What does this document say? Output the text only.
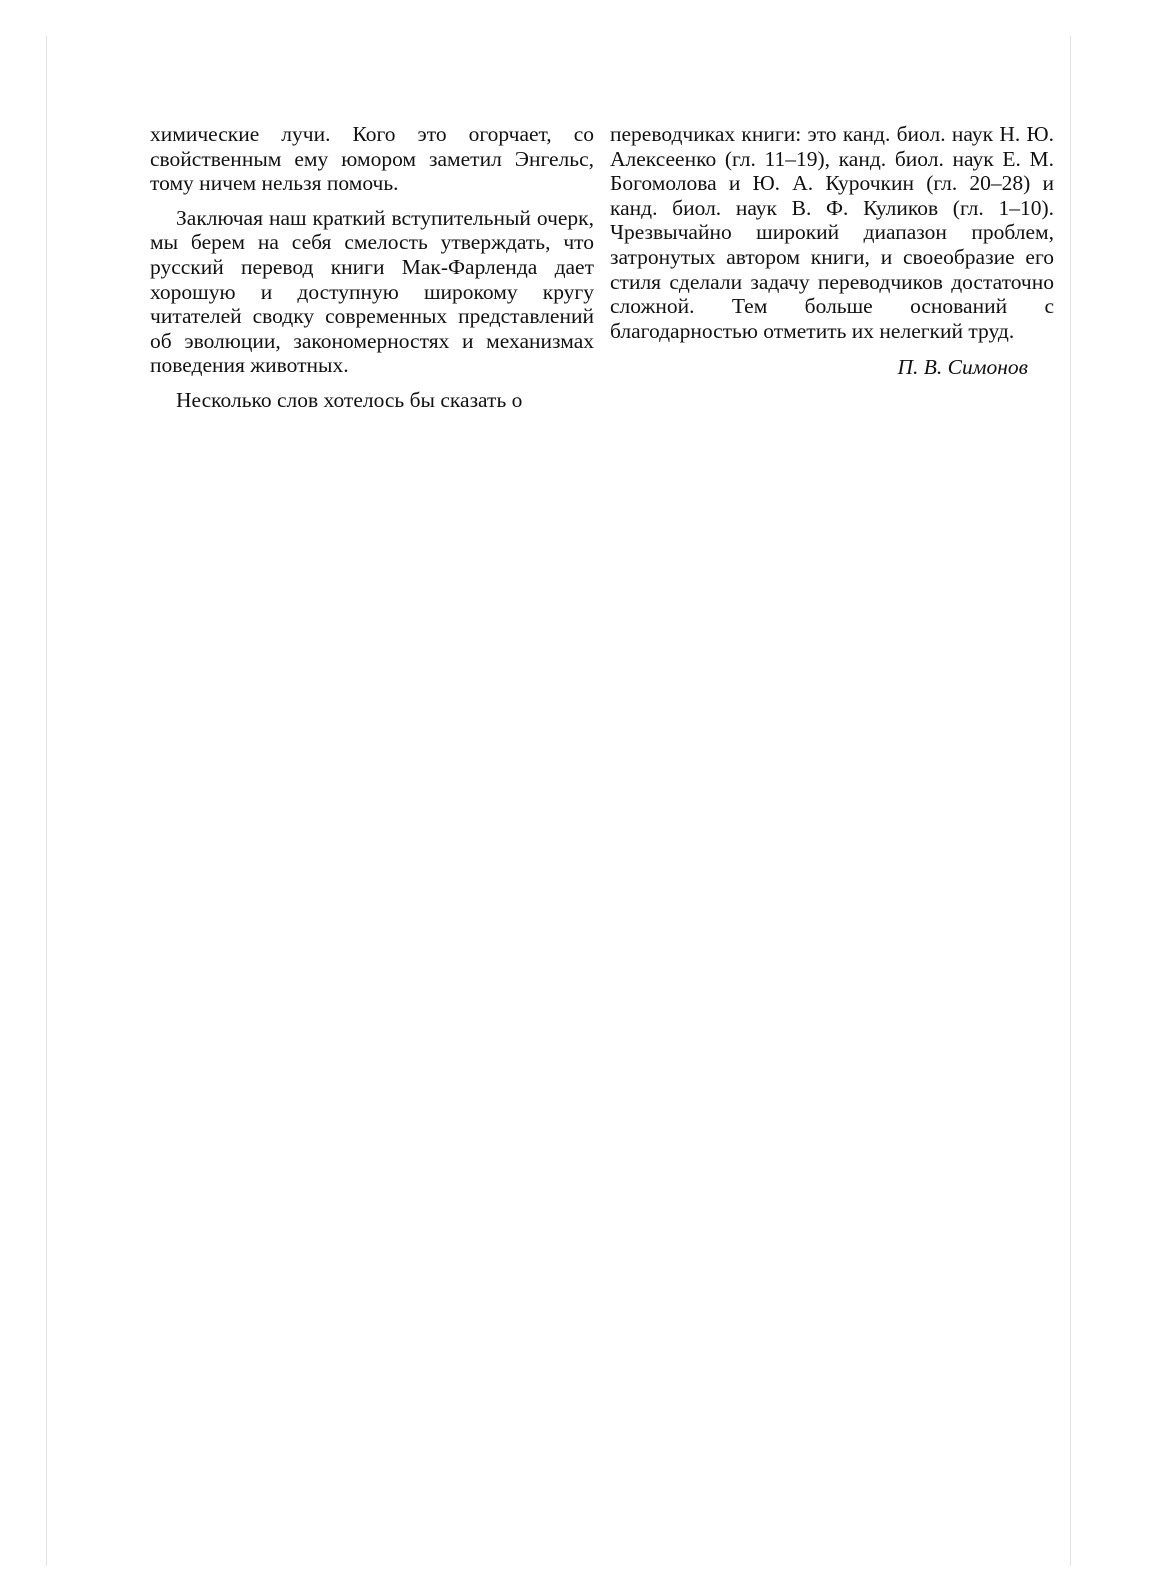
химические лучи. Кого это огорчает, со свойственным ему юмором заметил Энгельс, тому ничем нельзя помочь.

Заключая наш краткий вступительный очерк, мы берем на себя смелость утверждать, что русский перевод книги Мак-Фарленда дает хорошую и доступную широкому кругу читателей сводку современных представлений об эволюции, закономерностях и механизмах поведения животных.

Несколько слов хотелось бы сказать о

переводчиках книги: это канд. биол. наук Н. Ю. Алексеенко (гл. 11–19), канд. биол. наук Е. М. Богомолова и Ю. А. Курочкин (гл. 20–28) и канд. биол. наук В. Ф. Куликов (гл. 1–10). Чрезвычайно широкий диапазон проблем, затронутых автором книги, и своеобразие его стиля сделали задачу переводчиков достаточно сложной. Тем больше оснований с благодарностью отметить их нелегкий труд.

П. В. Симонов
